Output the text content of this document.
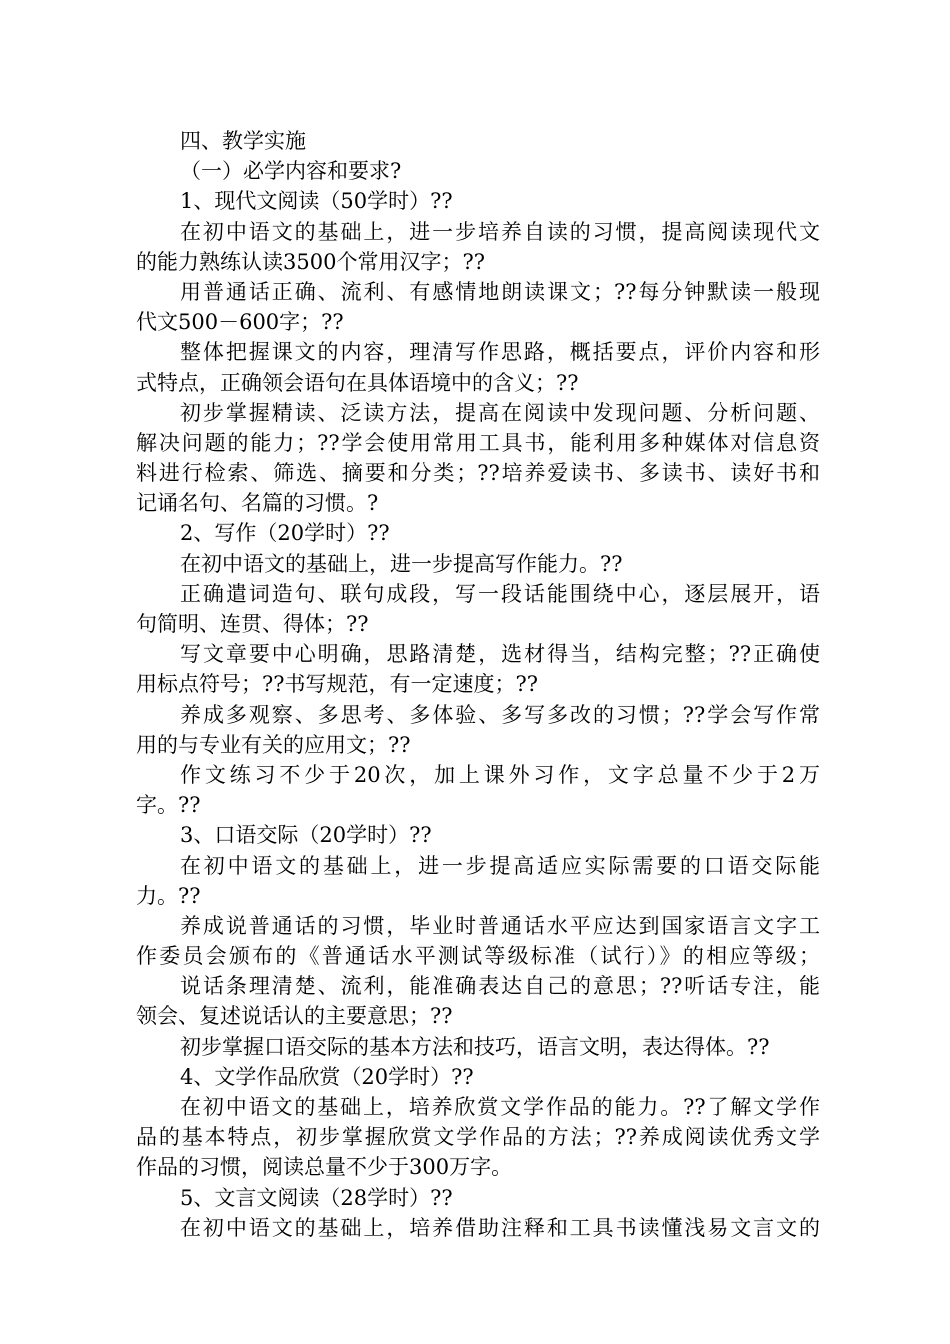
四、教学实施
（一）必学内容和要求?
1、现代文阅读（50学时）??
在初中语文的基础上，进一步培养自读的习惯，提高阅读现代文
的能力熟练认读3500个常用汉字；??
用普通话正确、流利、有感情地朗读课文；??每分钟默读一般现
代文500－600字；??
整体把握课文的内容，理清写作思路，概括要点，评价内容和形
式特点，正确领会语句在具体语境中的含义；??
初步掌握精读、泛读方法，提高在阅读中发现问题、分析问题、
解决问题的能力；??学会使用常用工具书，能利用多种媒体对信息资
料进行检索、筛选、摘要和分类；??培养爱读书、多读书、读好书和
记诵名句、名篇的习惯。?
2、写作（20学时）??
在初中语文的基础上，进一步提高写作能力。??
正确遣词造句、联句成段，写一段话能围绕中心，逐层展开，语
句简明、连贯、得体；??
写文章要中心明确，思路清楚，选材得当，结构完整；??正确使
用标点符号；??书写规范，有一定速度；??
养成多观察、多思考、多体验、多写多改的习惯；??学会写作常
用的与专业有关的应用文；??
作文练习不少于20次，加上课外习作，文字总量不少于2万
字。??
3、口语交际（20学时）??
在初中语文的基础上，进一步提高适应实际需要的口语交际能
力。??
养成说普通话的习惯，毕业时普通话水平应达到国家语言文字工
作委员会颁布的《普通话水平测试等级标准（试行）》的相应等级；
说话条理清楚、流利，能准确表达自己的意思；??听话专注，能
领会、复述说话认的主要意思；??
初步掌握口语交际的基本方法和技巧，语言文明，表达得体。??
4、文学作品欣赏（20学时）??
在初中语文的基础上，培养欣赏文学作品的能力。??了解文学作
品的基本特点，初步掌握欣赏文学作品的方法；??养成阅读优秀文学
作品的习惯，阅读总量不少于300万字。
5、文言文阅读（28学时）??
在初中语文的基础上，培养借助注释和工具书读懂浅易文言文的
